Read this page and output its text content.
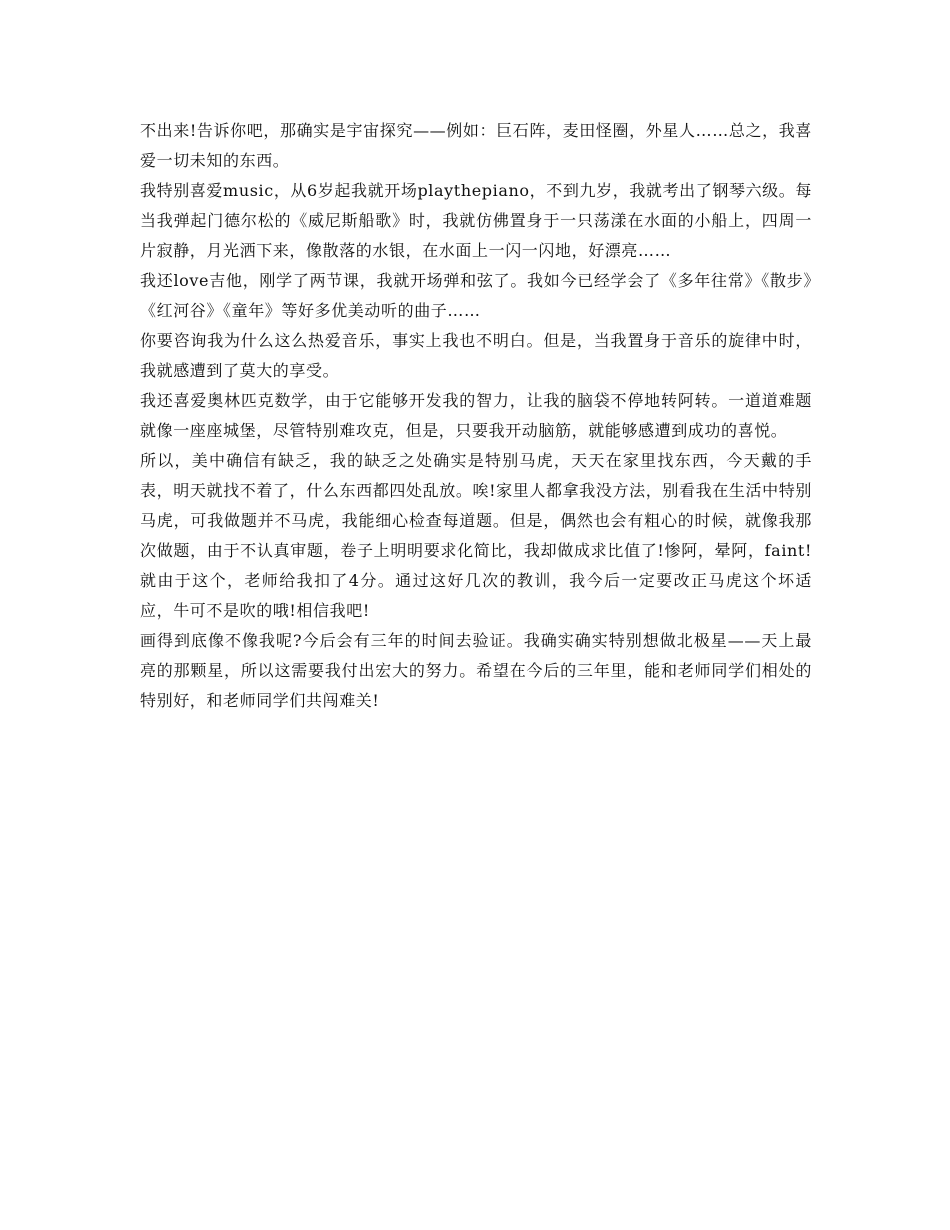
不出来!告诉你吧，那确实是宇宙探究——例如：巨石阵，麦田怪圈，外星人……总之，我喜爱一切未知的东西。

我特别喜爱music，从6岁起我就开场playthepiano，不到九岁，我就考出了钢琴六级。每当我弹起门德尔松的《威尼斯船歌》时，我就仿佛置身于一只荡漾在水面的小船上，四周一片寂静，月光洒下来，像散落的水银，在水面上一闪一闪地，好漂亮……

我还love吉他，刚学了两节课，我就开场弹和弦了。我如今已经学会了《多年往常》《散步》《红河谷》《童年》等好多优美动听的曲子……

你要咨询我为什么这么热爱音乐，事实上我也不明白。但是，当我置身于音乐的旋律中时，我就感遭到了莫大的享受。

我还喜爱奥林匹克数学，由于它能够开发我的智力，让我的脑袋不停地转阿转。一道道难题就像一座座城堡，尽管特别难攻克，但是，只要我开动脑筋，就能够感遭到成功的喜悦。

所以，美中确信有缺乏，我的缺乏之处确实是特别马虎，天天在家里找东西，今天戴的手表，明天就找不着了，什么东西都四处乱放。唉!家里人都拿我没方法，别看我在生活中特别马虎，可我做题并不马虎，我能细心检查每道题。但是，偶然也会有粗心的时候，就像我那次做题，由于不认真审题，卷子上明明要求化简比，我却做成求比值了!惨阿，晕阿，faint!就由于这个，老师给我扣了4分。通过这好几次的教训，我今后一定要改正马虎这个坏适应，牛可不是吹的哦!相信我吧!

画得到底像不像我呢?今后会有三年的时间去验证。我确实确实特别想做北极星——天上最亮的那颗星，所以这需要我付出宏大的努力。希望在今后的三年里，能和老师同学们相处的特别好，和老师同学们共闯难关!
